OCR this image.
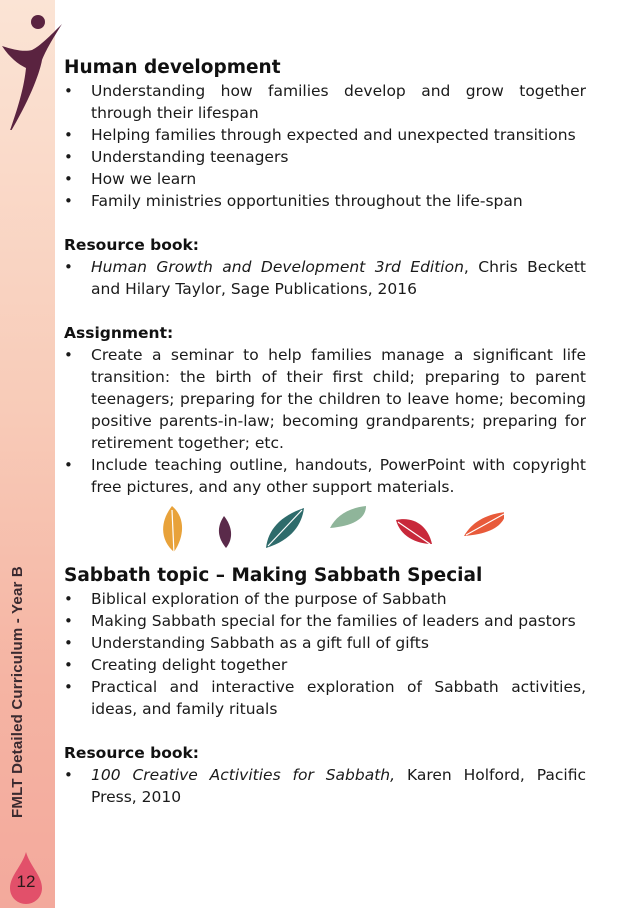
FMLT Detailed Curriculum - Year B
12
Human development
• Understanding how families develop and grow together through their lifespan
• Helping families through expected and unexpected transitions
• Understanding teenagers
• How we learn
• Family ministries opportunities throughout the life-span
Resource book:
• Human Growth and Development 3rd Edition, Chris Beckett and Hilary Taylor, Sage Publications, 2016
Assignment:
• Create a seminar to help families manage a significant life transition: the birth of their first child; preparing to parent teenagers; preparing for the children to leave home; becoming positive parents-in-law; becoming grandparents; preparing for retirement together; etc.
• Include teaching outline, handouts, PowerPoint with copyright free pictures, and any other support materials.
Sabbath topic – Making Sabbath Special
• Biblical exploration of the purpose of Sabbath
• Making Sabbath special for the families of leaders and pastors
• Understanding Sabbath as a gift full of gifts
• Creating delight together
• Practical and interactive exploration of Sabbath activities, ideas, and family rituals
Resource book:
• 100 Creative Activities for Sabbath, Karen Holford, Pacific Press, 2010
